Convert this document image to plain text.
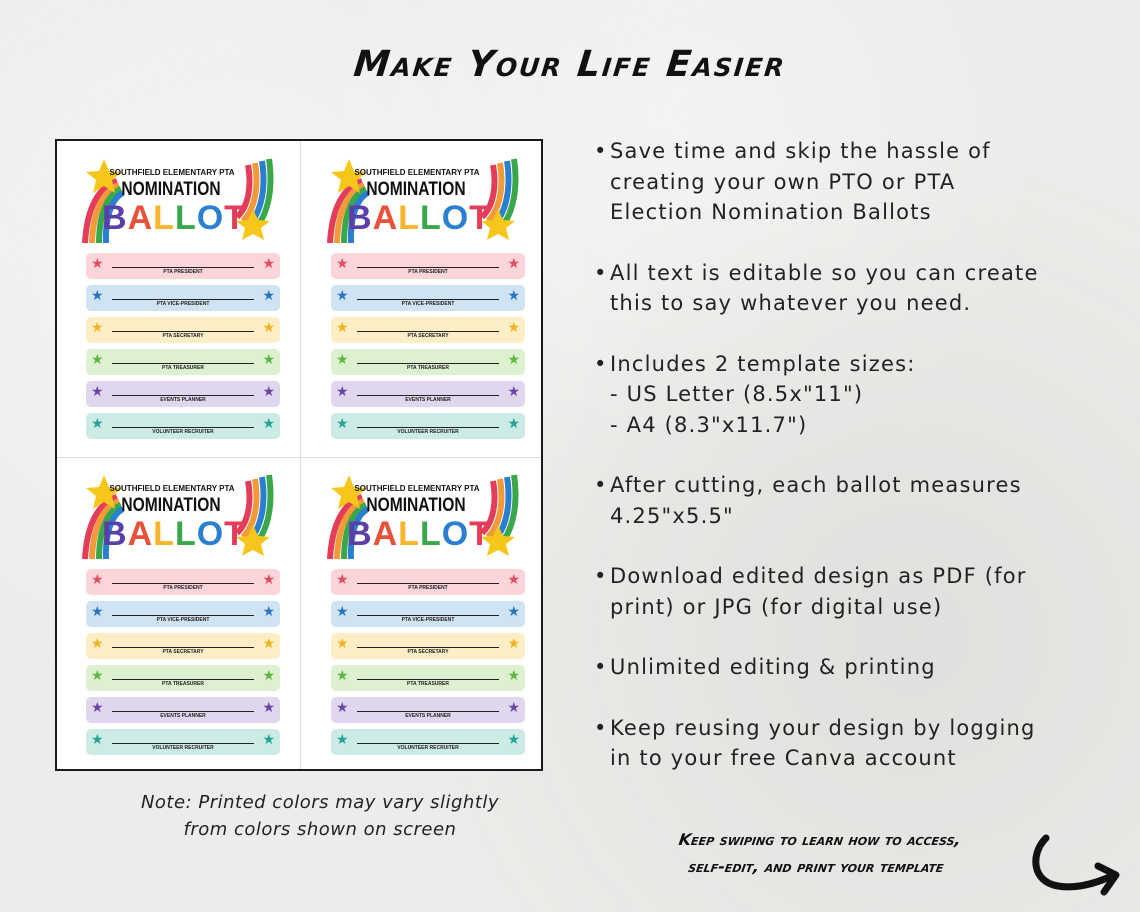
Make Your Life Easier
SOUTHFIELD ELEMENTARY PTA
NOMINATION
BALLOT
★	★
PTA PRESIDENT
★	★
PTA VICE-PRESIDENT
★	★
PTA SECRETARY
★	★
PTA TREASURER
★	★
EVENTS PLANNER
★	★
VOLUNTEER RECRUITER
SOUTHFIELD ELEMENTARY PTA
NOMINATION
BALLOT
★	★
PTA PRESIDENT
★	★
PTA VICE-PRESIDENT
★	★
PTA SECRETARY
★	★
PTA TREASURER
★	★
EVENTS PLANNER
★	★
VOLUNTEER RECRUITER
SOUTHFIELD ELEMENTARY PTA
NOMINATION
BALLOT
★	★
PTA PRESIDENT
★	★
PTA VICE-PRESIDENT
★	★
PTA SECRETARY
★	★
PTA TREASURER
★	★
EVENTS PLANNER
★	★
VOLUNTEER RECRUITER
SOUTHFIELD ELEMENTARY PTA
NOMINATION
BALLOT
★	★
PTA PRESIDENT
★	★
PTA VICE-PRESIDENT
★	★
PTA SECRETARY
★	★
PTA TREASURER
★	★
EVENTS PLANNER
★	★
VOLUNTEER RECRUITER
Note: Printed colors may vary slightly
from colors shown on screen
• Save time and skip the hassle of
creating your own PTO or PTA
Election Nomination Ballots
• All text is editable so you can create
this to say whatever you need.
• Includes 2 template sizes:
- US Letter (8.5x"11")
- A4 (8.3"x11.7")
• After cutting, each ballot measures
4.25"x5.5"
• Download edited design as PDF (for
print) or JPG (for digital use)
• Unlimited editing & printing
• Keep reusing your design by logging
in to your free Canva account
Keep swiping to learn how to access,
self-edit, and print your template
